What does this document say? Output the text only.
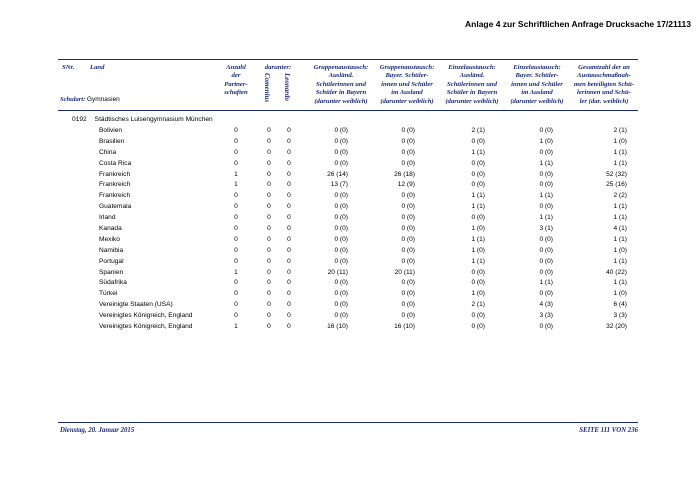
Anlage 4 zur Schriftlichen Anfrage Drucksache 17/21113
SNr. Land	Anzahl
der
Partner-
schaften
darunter:
Comenius Leonardo
Gruppenaustausch:
Ausländ.
Schülerinnen und
Schüler in Bayern
(darunter weiblich)
Gruppenaustausch:
Bayer. Schüler-
innen und Schüler
im Ausland
(darunter weiblich)
Einzelaustausch:
Ausländ.
Schülerinnen und
Schüler in Bayern
(darunter weiblich)
Einzelaustausch:
Bayer. Schüler-
innen und Schüler
im Ausland
(darunter weiblich)
Gesamtzahl der an
Austauschmaßnah-
men beteiligten Schü-
lerinnen und Schü-
ler (dar. weiblich)
Schulart: Gymnasien
0192 Städtisches Luisengymnasium München
Bolivien	0	0	0	0 (0)	0 (0)	2 (1)	0 (0)	2 (1)
Brasilien	0	0	0	0 (0)	0 (0)	0 (0)	1 (0)	1 (0)
China	0	0	0	0 (0)	0 (0)	1 (1)	0 (0)	1 (1)
Costa Rica	0	0	0	0 (0)	0 (0)	0 (0)	1 (1)	1 (1)
Frankreich	1	0	0	26 (14)	26 (18)	0 (0)	0 (0)	52 (32)
Frankreich	1	0	0	13 (7)	12 (9)	0 (0)	0 (0)	25 (16)
Frankreich	0	0	0	0 (0)	0 (0)	1 (1)	1 (1)	2 (2)
Guatemala	0	0	0	0 (0)	0 (0)	1 (1)	0 (0)	1 (1)
Irland	0	0	0	0 (0)	0 (0)	0 (0)	1 (1)	1 (1)
Kanada	0	0	0	0 (0)	0 (0)	1 (0)	3 (1)	4 (1)
Mexiko	0	0	0	0 (0)	0 (0)	1 (1)	0 (0)	1 (1)
Namibia	0	0	0	0 (0)	0 (0)	1 (0)	0 (0)	1 (0)
Portugal	0	0	0	0 (0)	0 (0)	1 (1)	0 (0)	1 (1)
Spanien	1	0	0	20 (11)	20 (11)	0 (0)	0 (0)	40 (22)
Südafrika	0	0	0	0 (0)	0 (0)	0 (0)	1 (1)	1 (1)
Türkei	0	0	0	0 (0)	0 (0)	1 (0)	0 (0)	1 (0)
Vereinigte Staaten (USA)	0	0	0	0 (0)	0 (0)	2 (1)	4 (3)	6 (4)
Vereinigtes Königreich, England	0	0	0	0 (0)	0 (0)	0 (0)	3 (3)	3 (3)
Vereinigtes Königreich, England	1	0	0	16 (10)	16 (10)	0 (0)	0 (0)	32 (20)
Dienstag, 20. Januar 2015	SEITE 111 VON 236
